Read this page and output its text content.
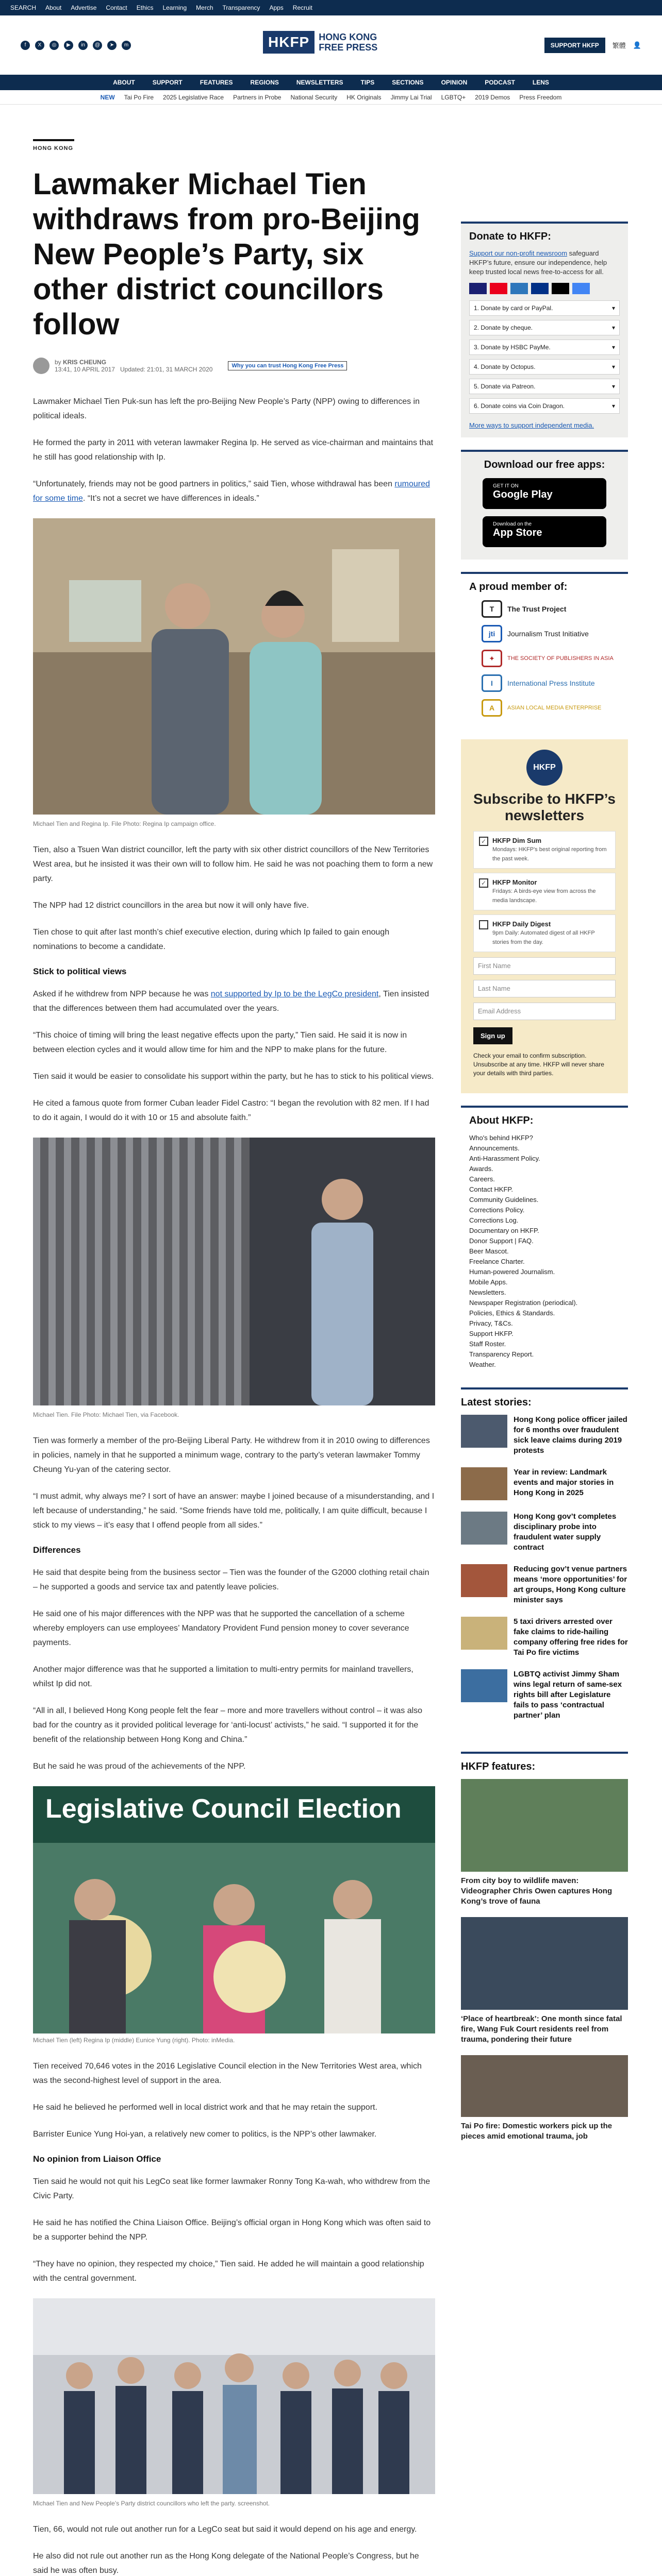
SEARCH About Advertise Contact Ethics Learning Merch Transparency Apps Recruit
f	X	◎	▶	in	@	➤	m	HKFP	HONG KONG
FREE PRESS	SUPPORT HKFP	繁體 👤
ABOUT	SUPPORT	FEATURES	REGIONS	NEWSLETTERS	TIPS	SECTIONS	OPINION	PODCAST	LENS
NEW Tai Po Fire 2025 Legislative Race Partners in Probe National Security HK Originals Jimmy Lai Trial LGBTQ+ 2019 Demos Press Freedom
HONG KONG
Lawmaker Michael Tien withdraws from pro-Beijing New People’s Party, six other district councillors follow
by KRIS CHEUNG
13:41, 10 APRIL 2017 Updated: 21:01, 31 MARCH 2020	Why you can trust Hong Kong Free Press

Lawmaker Michael Tien Puk-sun has left the pro-Beijing New People’s Party (NPP) owing to differences in political ideals.

He formed the party in 2011 with veteran lawmaker Regina Ip. He served as vice-chairman and maintains that he still has good relationship with Ip.

“Unfortunately, friends may not be good partners in politics,” said Tien, whose withdrawal has been rumoured for some time. “It’s not a secret we have differences in ideals.”

Michael Tien and Regina Ip. File Photo: Regina Ip campaign office.

Tien, also a Tsuen Wan district councillor, left the party with six other district councillors of the New Territories West area, but he insisted it was their own will to follow him. He said he was not poaching them to form a new party.

The NPP had 12 district councillors in the area but now it will only have five.

Tien chose to quit after last month’s chief executive election, during which Ip failed to gain enough nominations to become a candidate.

Stick to political views

Asked if he withdrew from NPP because he was not supported by Ip to be the LegCo president, Tien insisted that the differences between them had accumulated over the years.

“This choice of timing will bring the least negative effects upon the party,” Tien said. He said it is now in between election cycles and it would allow time for him and the NPP to make plans for the future.

Tien said it would be easier to consolidate his support within the party, but he has to stick to his political views.

He cited a famous quote from former Cuban leader Fidel Castro: “I began the revolution with 82 men. If I had to do it again, I would do it with 10 or 15 and absolute faith.”

Michael Tien. File Photo: Michael Tien, via Facebook.

Tien was formerly a member of the pro-Beijing Liberal Party. He withdrew from it in 2010 owing to differences in policies, namely in that he supported a minimum wage, contrary to the party’s veteran lawmaker Tommy Cheung Yu-yan of the catering sector.

“I must admit, why always me? I sort of have an answer: maybe I joined because of a misunderstanding, and I left because of understanding,” he said. “Some friends have told me, politically, I am quite difficult, because I stick to my views – it’s easy that I offend people from all sides.”

Differences

He said that despite being from the business sector – Tien was the founder of the G2000 clothing retail chain – he supported a goods and service tax and patently leave policies.

He said one of his major differences with the NPP was that he supported the cancellation of a scheme whereby employers can use employees’ Mandatory Provident Fund pension money to cover severance payments.

Another major difference was that he supported a limitation to multi-entry permits for mainland travellers, whilst Ip did not.

“All in all, I believed Hong Kong people felt the fear – more and more travellers without control – it was also bad for the country as it provided political leverage for ‘anti-locust’ activists,” he said. “I supported it for the benefit of the relationship between Hong Kong and China.”

But he said he was proud of the achievements of the NPP.

Legislative Council Election
Michael Tien (left) Regina Ip (middle) Eunice Yung (right). Photo: inMedia.

Tien received 70,646 votes in the 2016 Legislative Council election in the New Territories West area, which was the second-highest level of support in the area.

He said he believed he performed well in local district work and that he may retain the support.

Barrister Eunice Yung Hoi-yan, a relatively new comer to politics, is the NPP’s other lawmaker.

No opinion from Liaison Office

Tien said he would not quit his LegCo seat like former lawmaker Ronny Tong Ka-wah, who withdrew from the Civic Party.

He said he has notified the China Liaison Office. Beijing’s official organ in Hong Kong which was often said to be a supporter behind the NPP.

“They have no opinion, they respected my choice,” Tien said. He added he will maintain a good relationship with the central government.

Michael Tien and New People’s Party district councillors who left the party. screenshot.

Tien, 66, would not rule out another run for a LegCo seat but said it would depend on his age and energy.

He also did not rule out another run as the Hong Kong delegate of the National People’s Congress, but he said he was often busy.

Donate to HKFP:

Support our non-profit newsroom safeguard HKFP’s future, ensure our independence, help keep trusted local news free-to-access for all.

1. Donate by card or PayPal.	▾
2. Donate by cheque.	▾
3. Donate by HSBC PayMe.	▾
4. Donate by Octopus.	▾
5. Donate via Patreon.	▾
6. Donate coins via Coin Dragon.	▾

More ways to support independent media.

Download our free apps:
GET IT ON
Google Play
Download on the
App Store
A proud member of:
T	The Trust Project
jti	Journalism Trust Initiative
✦	THE SOCIETY OF PUBLISHERS IN ASIA
I	International Press Institute
A	ASIAN LOCAL MEDIA ENTERPRISE
HKFP
Subscribe to HKFP’s newsletters
✓ HKFP Dim Sum
Mondays: HKFP's best original reporting from the past week.
✓ HKFP Monitor
Fridays: A birds-eye view from across the media landscape.
HKFP Daily Digest
9pm Daily: Automated digest of all HKFP stories from the day.
First Name
Last Name
Email Address
Sign up

Check your email to confirm subscription. Unsubscribe at any time. HKFP will never share your details with third parties.

About HKFP:
Who's behind HKFP?
Announcements.
Anti-Harassment Policy.
Awards.
Careers.
Contact HKFP.
Community Guidelines.
Corrections Policy.
Corrections Log.
Documentary on HKFP.
Donor Support | FAQ.
Beer Mascot.
Freelance Charter.
Human-powered Journalism.
Mobile Apps.
Newsletters.
Newspaper Registration (periodical).
Policies, Ethics & Standards.
Privacy, T&Cs.
Support HKFP.
Staff Roster.
Transparency Report.
Weather.
Latest stories:
Hong Kong police officer jailed for 6 months over fraudulent sick leave claims during 2019 protests
Year in review: Landmark events and major stories in Hong Kong in 2025
Hong Kong gov’t completes disciplinary probe into fraudulent water supply contract
Reducing gov’t venue partners means ‘more opportunities’ for art groups, Hong Kong culture minister says
5 taxi drivers arrested over fake claims to ride-hailing company offering free rides for Tai Po fire victims
LGBTQ activist Jimmy Sham wins legal return of same-sex rights bill after Legislature fails to pass ‘contractual partner’ plan
HKFP features:
From city boy to wildlife maven: Videographer Chris Owen captures Hong Kong’s trove of fauna
‘Place of heartbreak’: One month since fatal fire, Wang Fuk Court residents reel from trauma, pondering their future
Tai Po fire: Domestic workers pick up the pieces amid emotional trauma, job
